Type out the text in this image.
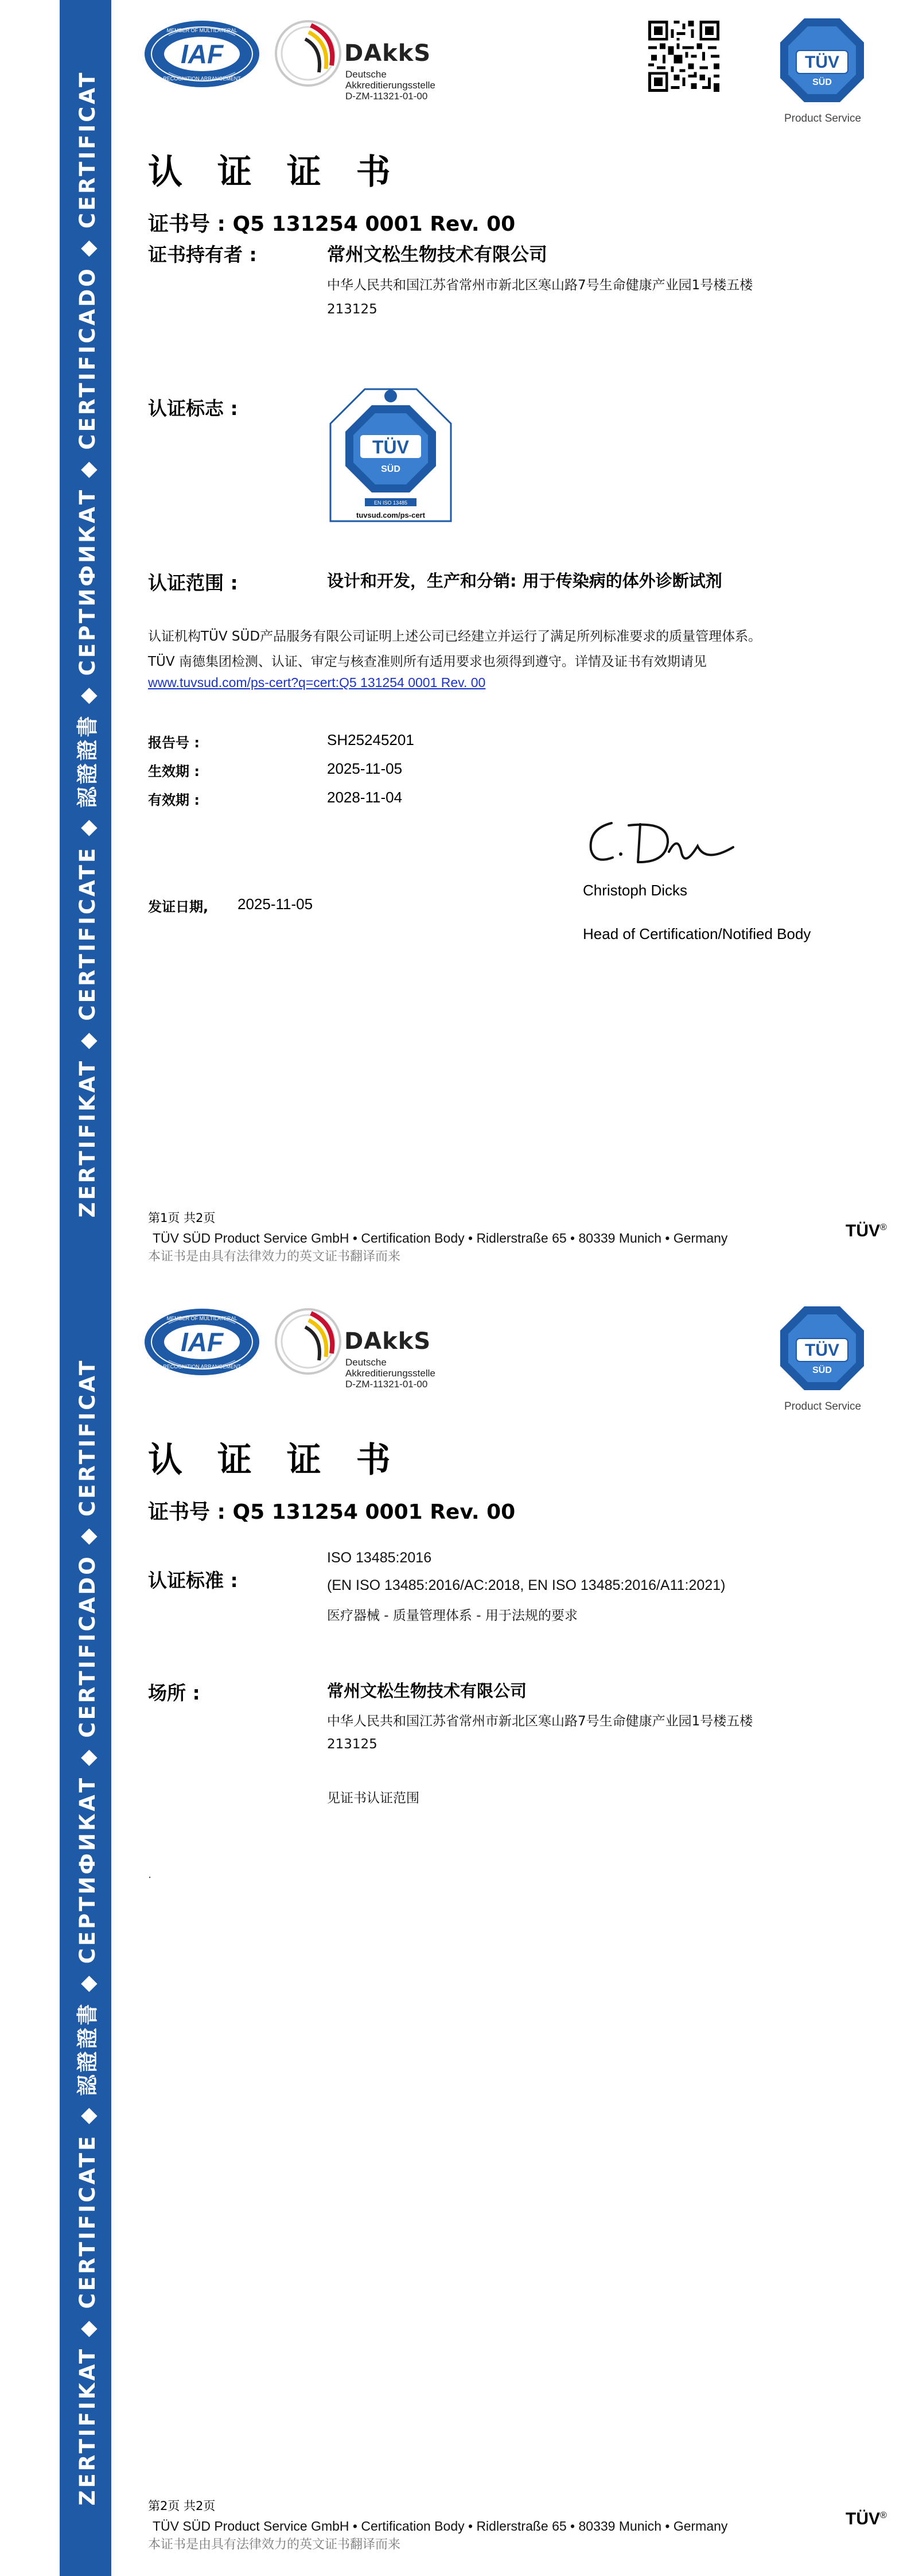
ZERTIFIKAT ◆ CERTIFICATE ◆ 認證證書 ◆ СЕРТИФИКАТ ◆ CERTIFICADO ◆ CERTIFICAT
IAF
MEMBER OF MULTILATERAL
RECOGNITION ARRANGEMENT
DAkkS
Deutsche
Akkreditierungsstelle
D-ZM-11321-01-00
TÜV
SÜD
Product Service
认 证 证 书
证书号 : Q5 131254 0001 Rev. 00
证书持有者 :	常州文松生物技术有限公司
中华人民共和国江苏省常州市新北区寒山路7号生命健康产业园1号楼五楼
213125
认证标志 :
TÜV
SÜD
EN ISO 13485
tuvsud.com/ps-cert
认证范围 :	设计和开发，生产和分销: 用于传染病的体外诊断试剂
认证机构TÜV SÜD产品服务有限公司证明上述公司已经建立并运行了满足所列标准要求的质量管理体系。
TÜV 南德集团检测、认证、审定与核查准则所有适用要求也须得到遵守。详情及证书有效期请见
www.tuvsud.com/ps-cert?q=cert:Q5 131254 0001 Rev. 00
报告号 :	SH25245201
生效期 :	2025-11-05
有效期 :	2028-11-04
Christoph Dicks
Head of Certification/Notified Body
发证日期, 2025-11-05
第1页 共2页
TÜV SÜD Product Service GmbH • Certification Body • Ridlerstraße 65 • 80339 Munich • Germany
本证书是由具有法律效力的英文证书翻译而来
TÜV®
ZERTIFIKAT ◆ CERTIFICATE ◆ 認證證書 ◆ СЕРТИФИКАТ ◆ CERTIFICADO ◆ CERTIFICAT
IAF
MEMBER OF MULTILATERAL
RECOGNITION ARRANGEMENT
DAkkS
Deutsche
Akkreditierungsstelle
D-ZM-11321-01-00
TÜV
SÜD
Product Service
认 证 证 书
证书号 : Q5 131254 0001 Rev. 00
认证标准 :
ISO 13485:2016
(EN ISO 13485:2016/AC:2018, EN ISO 13485:2016/A11:2021)
医疗器械 - 质量管理体系 - 用于法规的要求
场所 :	常州文松生物技术有限公司
中华人民共和国江苏省常州市新北区寒山路7号生命健康产业园1号楼五楼
213125
见证书认证范围
.
第2页 共2页
TÜV SÜD Product Service GmbH • Certification Body • Ridlerstraße 65 • 80339 Munich • Germany
本证书是由具有法律效力的英文证书翻译而来
TÜV®
